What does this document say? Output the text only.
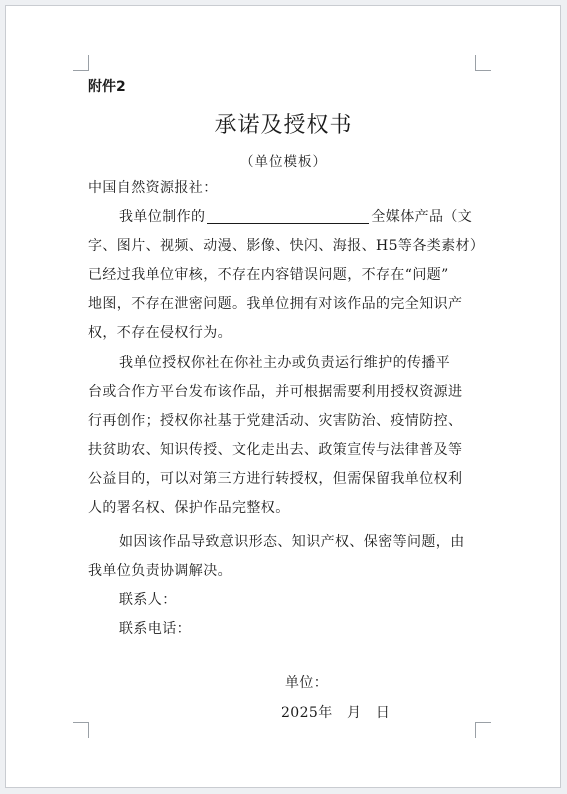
附件2
承诺及授权书
（单位模板）
中国自然资源报社：
我单位制作的	全媒体产品（文
字、图片、视频、动漫、影像、快闪、海报、H5等各类素材）
已经过我单位审核，不存在内容错误问题，不存在“问题”
地图，不存在泄密问题。我单位拥有对该作品的完全知识产
权，不存在侵权行为。
我单位授权你社在你社主办或负责运行维护的传播平
台或合作方平台发布该作品，并可根据需要利用授权资源进
行再创作；授权你社基于党建活动、灾害防治、疫情防控、
扶贫助农、知识传授、文化走出去、政策宣传与法律普及等
公益目的，可以对第三方进行转授权，但需保留我单位权利
人的署名权、保护作品完整权。
如因该作品导致意识形态、知识产权、保密等问题，由
我单位负责协调解决。
联系人：
联系电话：
单位：
2025年　月　日
